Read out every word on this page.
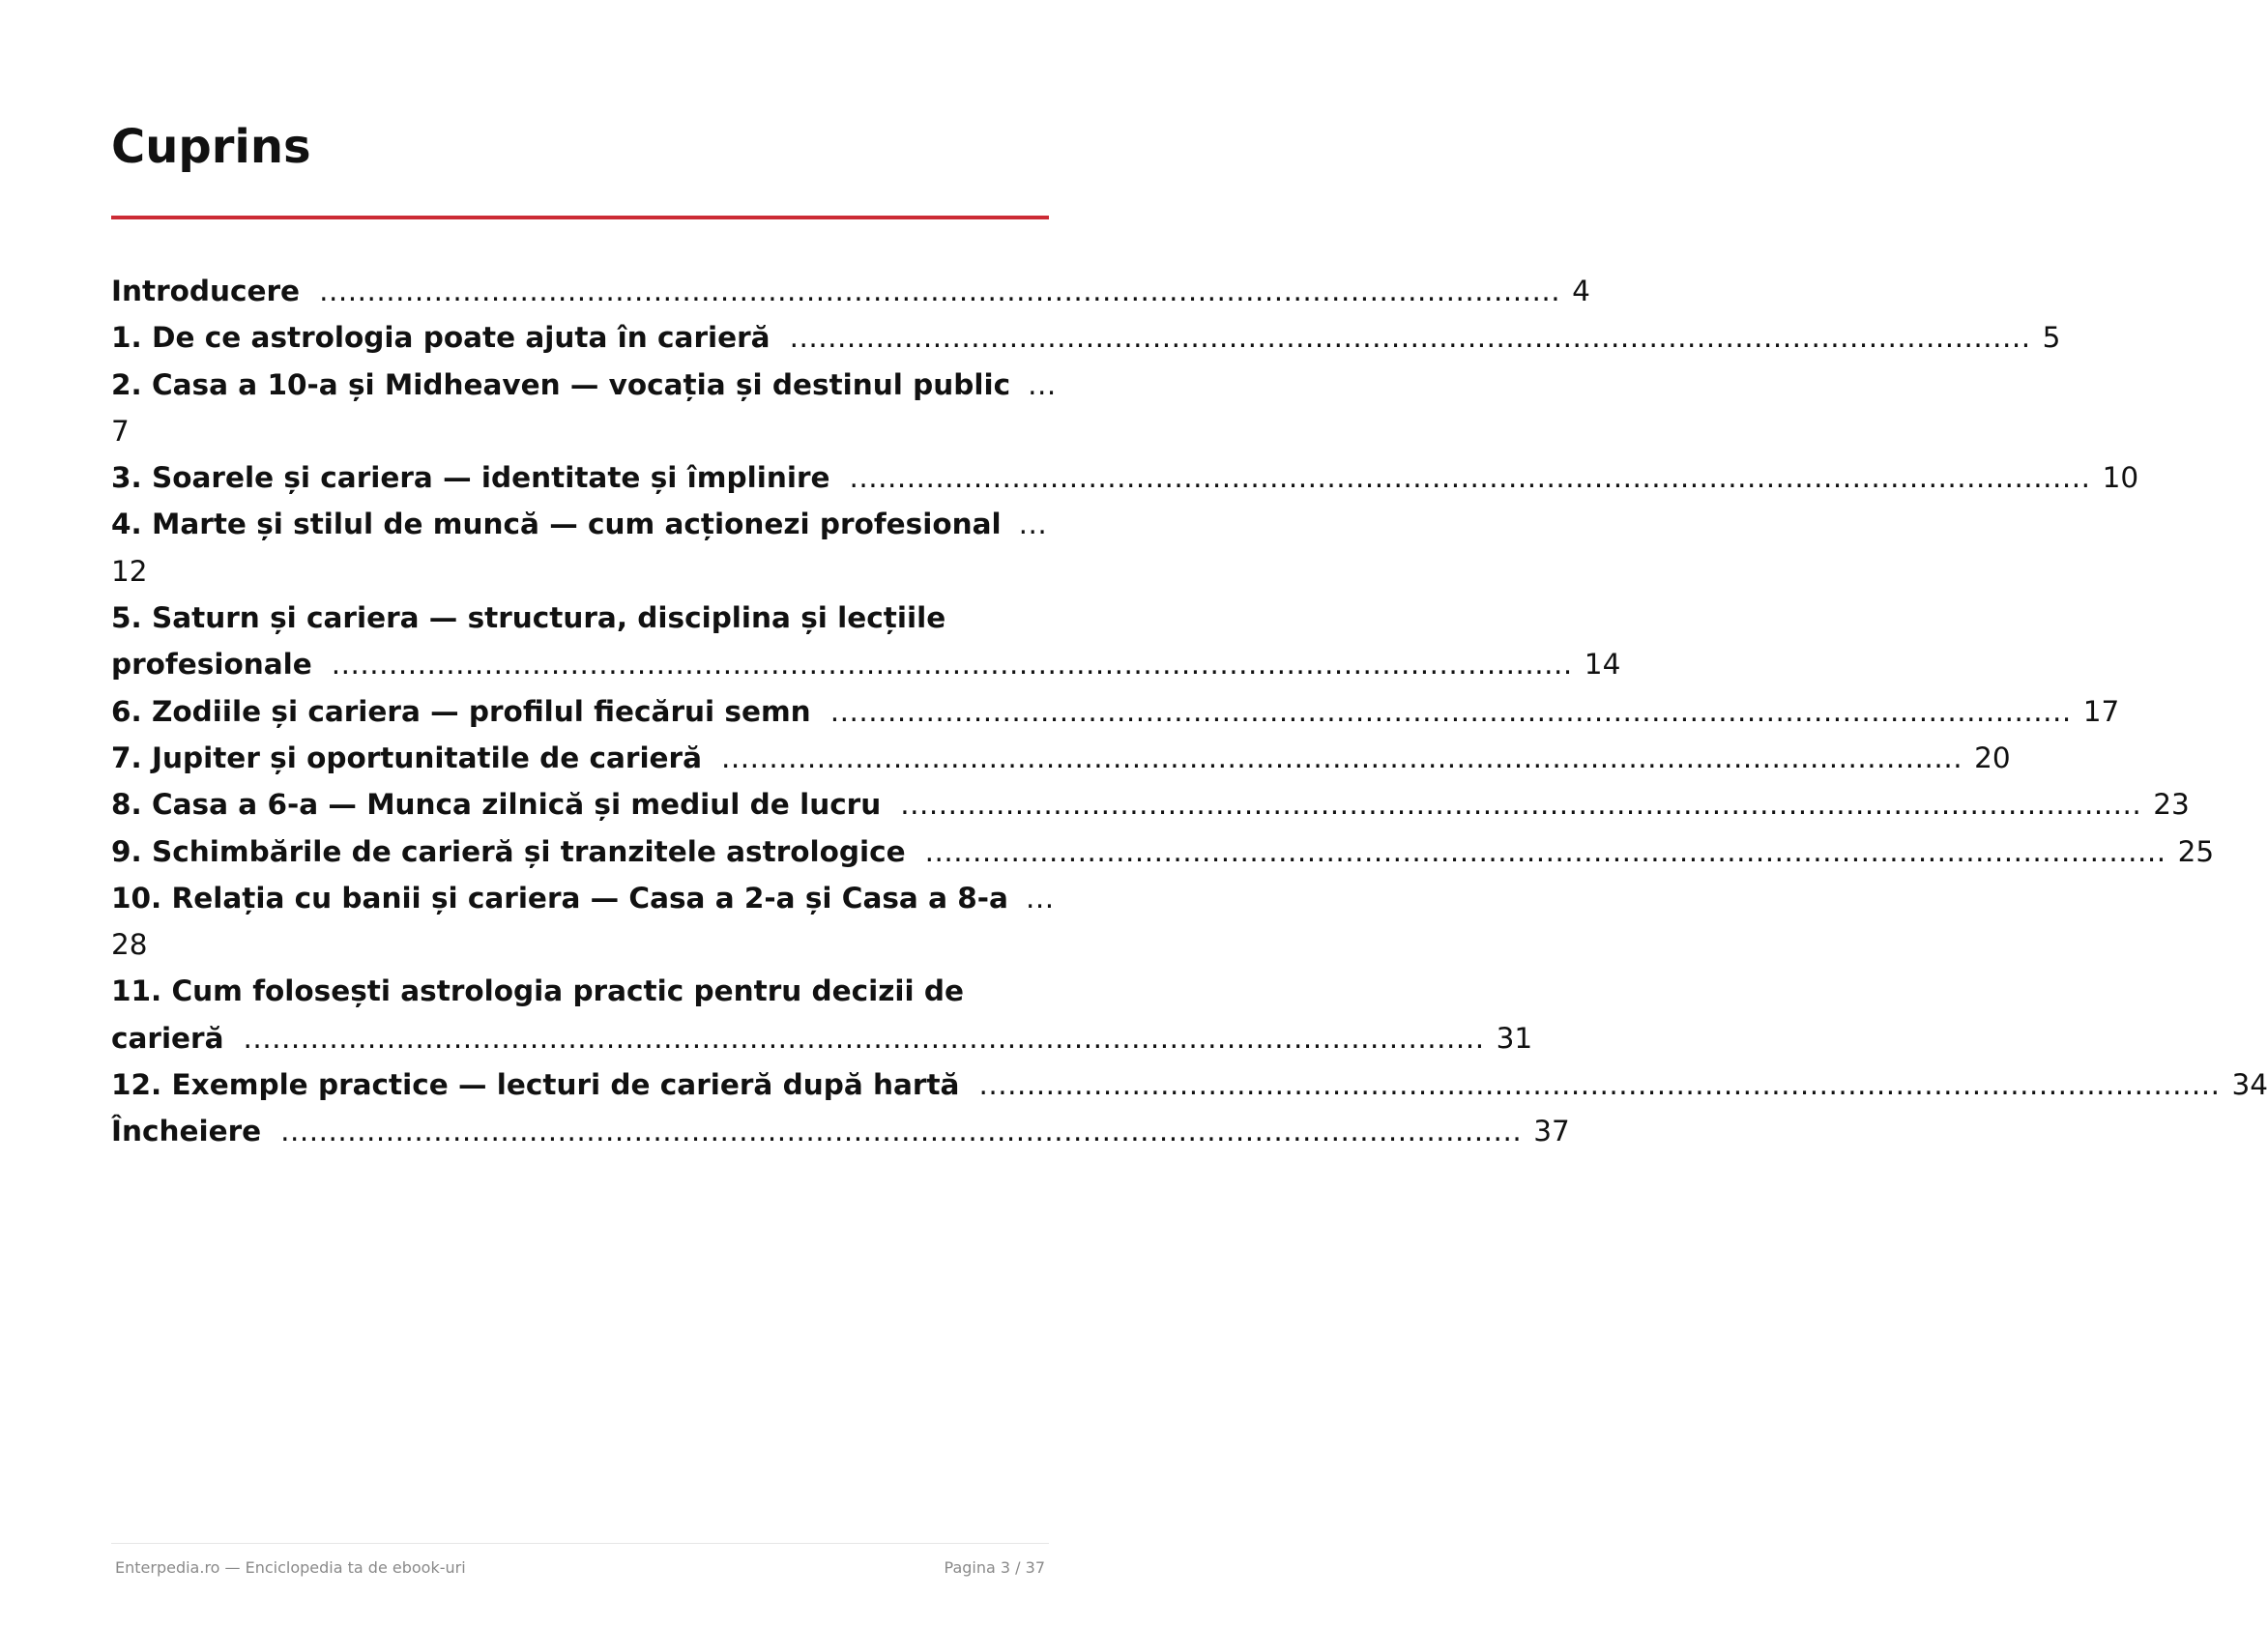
Cuprins
Introducere .................................................................................................................................. 4
1. De ce astrologia poate ajuta în carieră .................................................................................................................................. 5
2. Casa a 10-a și Midheaven — vocația și destinul public ...
7
3. Soarele și cariera — identitate și împlinire .................................................................................................................................. 10
4. Marte și stilul de muncă — cum acționezi profesional ...
12
5. Saturn și cariera — structura, disciplina și lecțiile
profesionale .................................................................................................................................. 14
6. Zodiile și cariera — profilul fiecărui semn .................................................................................................................................. 17
7. Jupiter și oportunitatile de carieră .................................................................................................................................. 20
8. Casa a 6-a — Munca zilnică și mediul de lucru .................................................................................................................................. 23
9. Schimbările de carieră și tranzitele astrologice .................................................................................................................................. 25
10. Relația cu banii și cariera — Casa a 2-a și Casa a 8-a ...
28
11. Cum folosești astrologia practic pentru decizii de
carieră .................................................................................................................................. 31
12. Exemple practice — lecturi de carieră după hartă .................................................................................................................................. 34
Încheiere .................................................................................................................................. 37
Enterpedia.ro — Enciclopedia ta de ebook-uri	Pagina 3 / 37
